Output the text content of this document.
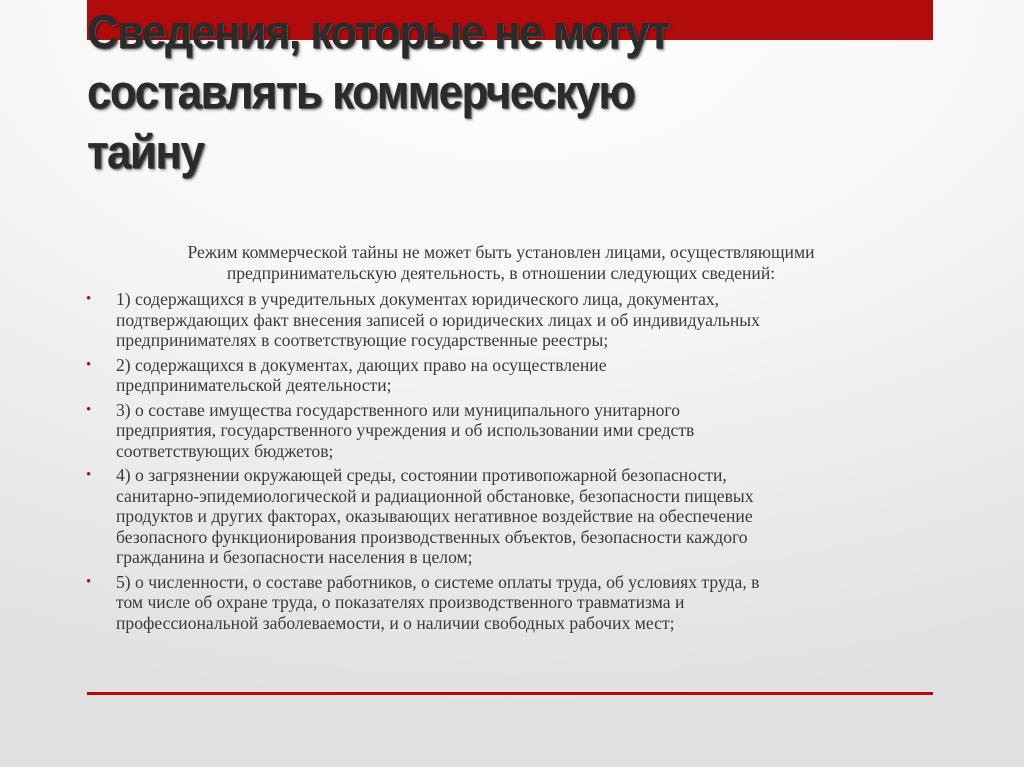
Сведения, которые не могут
составлять коммерческую
тайну

Режим коммерческой тайны не может быть установлен лицами, осуществляющими
предпринимательскую деятельность, в отношении следующих сведений:

• 1) содержащихся в учредительных документах юридического лица, документах,
подтверждающих факт внесения записей о юридических лицах и об индивидуальных
предпринимателях в соответствующие государственные реестры;
• 2) содержащихся в документах, дающих право на осуществление
предпринимательской деятельности;
• 3) о составе имущества государственного или муниципального унитарного
предприятия, государственного учреждения и об использовании ими средств
соответствующих бюджетов;
• 4) о загрязнении окружающей среды, состоянии противопожарной безопасности,
санитарно-эпидемиологической и радиационной обстановке, безопасности пищевых
продуктов и других факторах, оказывающих негативное воздействие на обеспечение
безопасного функционирования производственных объектов, безопасности каждого
гражданина и безопасности населения в целом;
• 5) о численности, о составе работников, о системе оплаты труда, об условиях труда, в
том числе об охране труда, о показателях производственного травматизма и
профессиональной заболеваемости, и о наличии свободных рабочих мест;
